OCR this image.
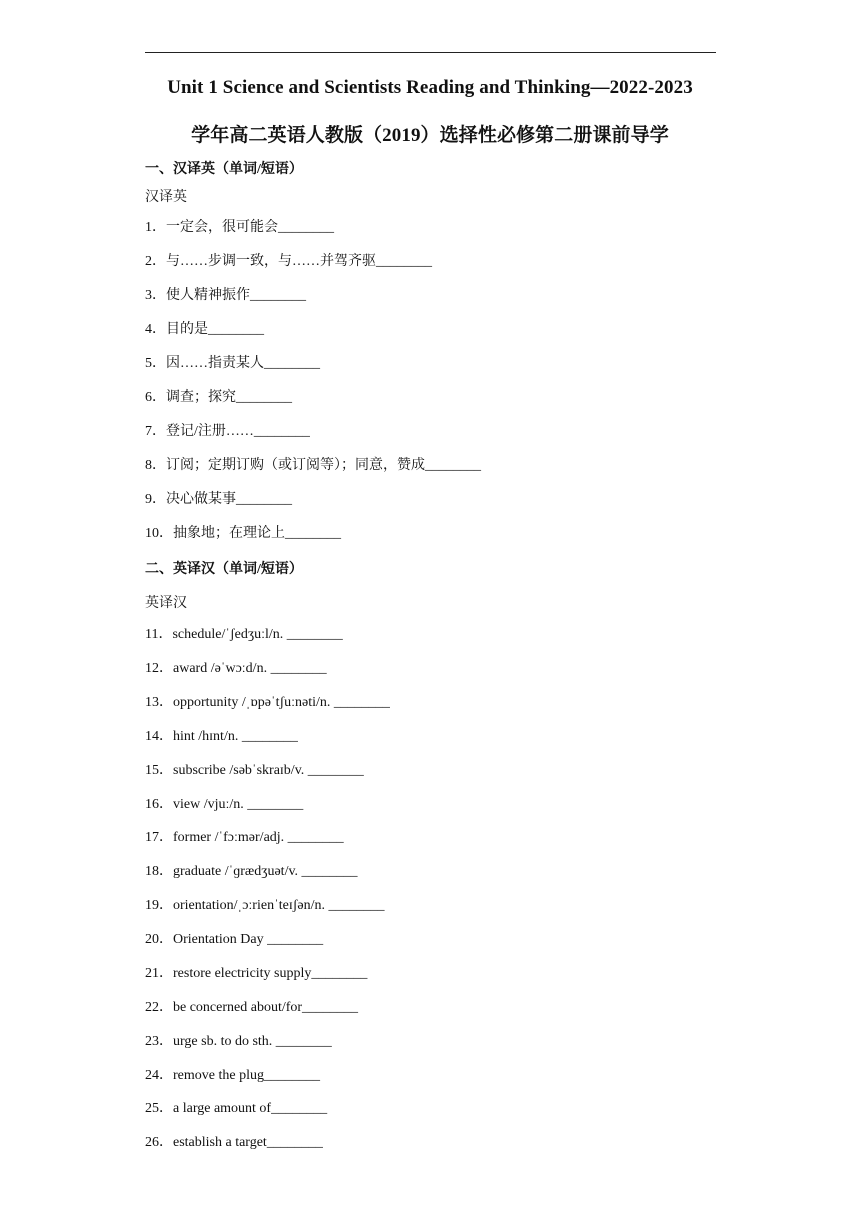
Unit 1 Science and Scientists Reading and Thinking—2022-2023
学年高二英语人教版（2019）选择性必修第二册课前导学
一、汉译英（单词/短语）
汉译英
1．一定会，很可能会________
2．与……步调一致，与……并驾齐驱________
3．使人精神振作________
4．目的是________
5．因……指责某人________
6．调查；探究________
7．登记/注册……________
8．订阅；定期订购（或订阅等）；同意，赞成________
9．决心做某事________
10．抽象地；在理论上________
二、英译汉（单词/短语）
英译汉
11．schedule/ˈʃedʒuːl/n. ________
12．award /əˈwɔːd/n. ________
13．opportunity /ˌɒpəˈtʃuːnəti/n. ________
14．hint /hɪnt/n. ________
15．subscribe /səbˈskraɪb/v. ________
16．view /vjuː/n. ________
17．former /ˈfɔːmər/adj. ________
18．graduate /ˈɡrædʒuət/v. ________
19．orientation/ˌɔːrienˈteɪʃən/n. ________
20．Orientation Day ________
21．restore electricity supply________
22．be concerned about/for________
23．urge sb. to do sth. ________
24．remove the plug________
25．a large amount of________
26．establish a target________
